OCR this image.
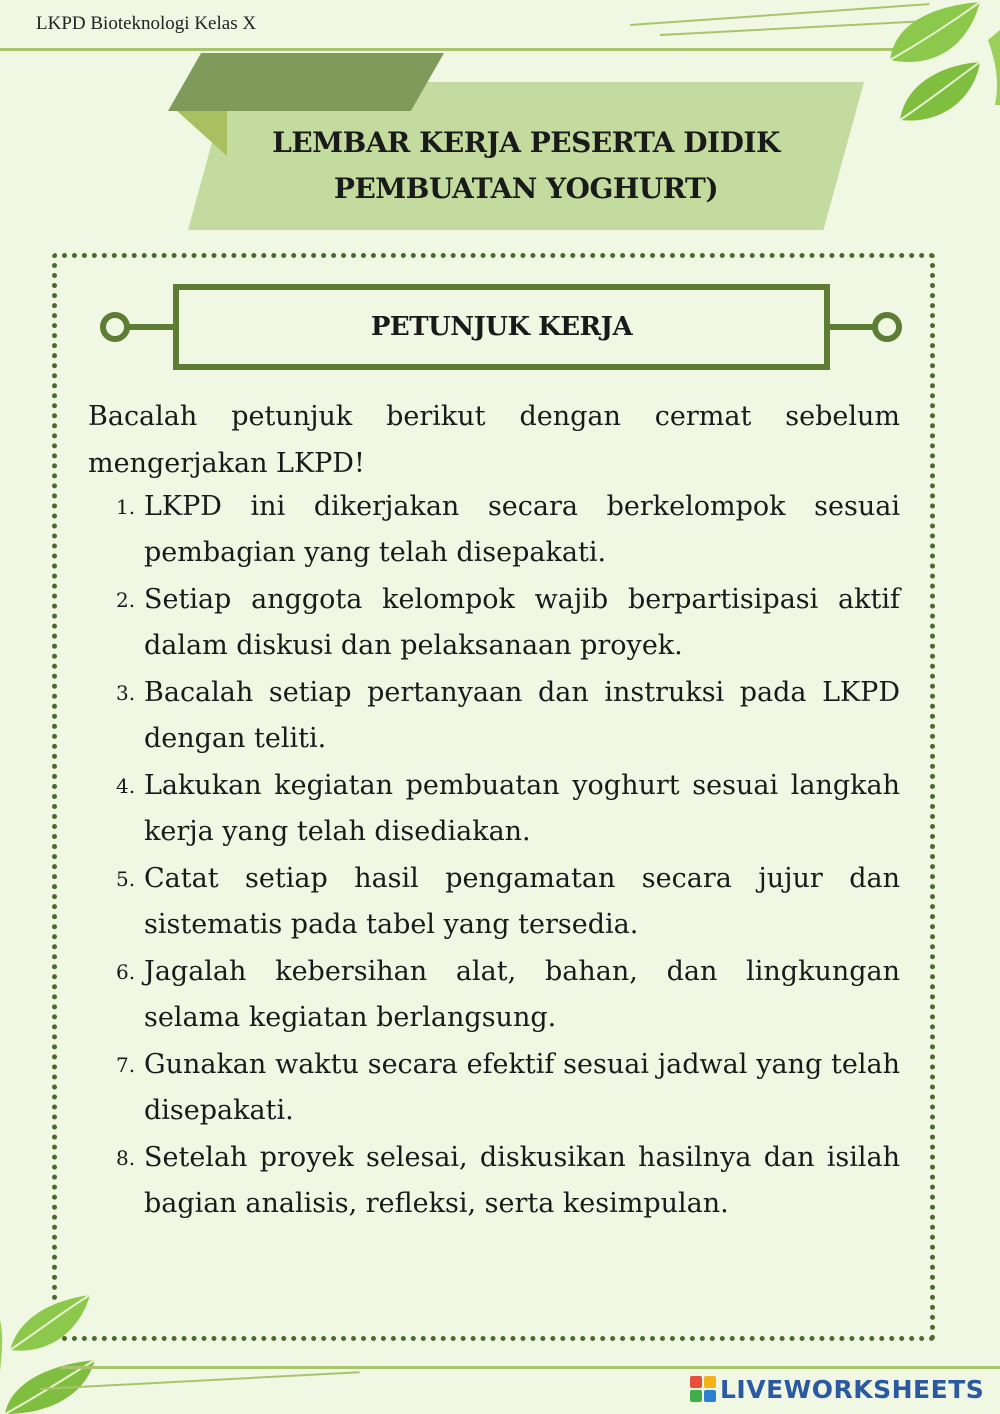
LKPD Bioteknologi Kelas X
LEMBAR KERJA PESERTA DIDIK
PEMBUATAN YOGHURT)
PETUNJUK KERJA

Bacalah petunjuk berikut dengan cermat sebelum mengerjakan LKPD!

1. LKPD ini dikerjakan secara berkelompok sesuai pembagian yang telah disepakati.
2. Setiap anggota kelompok wajib berpartisipasi aktif dalam diskusi dan pelaksanaan proyek.
3. Bacalah setiap pertanyaan dan instruksi pada LKPD dengan teliti.
4. Lakukan kegiatan pembuatan yoghurt sesuai langkah kerja yang telah disediakan.
5. Catat setiap hasil pengamatan secara jujur dan sistematis pada tabel yang tersedia.
6. Jagalah kebersihan alat, bahan, dan lingkungan selama kegiatan berlangsung.
7. Gunakan waktu secara efektif sesuai jadwal yang telah disepakati.
8. Setelah proyek selesai, diskusikan hasilnya dan isilah bagian analisis, refleksi, serta kesimpulan.
LIVEWORKSHEETS
